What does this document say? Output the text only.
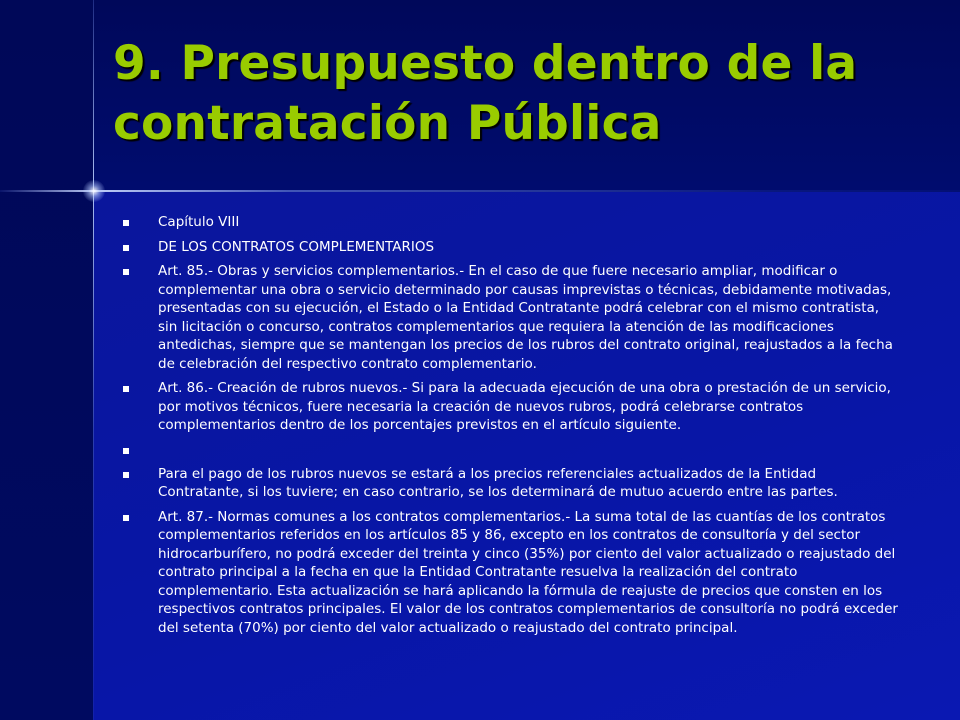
9. Presupuesto dentro de la contratación Pública
Capítulo VIII
DE LOS CONTRATOS COMPLEMENTARIOS
Art. 85.- Obras y servicios complementarios.- En el caso de que fuere necesario ampliar, modificar o complementar una obra o servicio determinado por causas imprevistas o técnicas, debidamente motivadas, presentadas con su ejecución, el Estado o la Entidad Contratante podrá celebrar con el mismo contratista, sin licitación o concurso, contratos complementarios que requiera la atención de las modificaciones antedichas, siempre que se mantengan los precios de los rubros del contrato original, reajustados a la fecha de celebración del respectivo contrato complementario.
Art. 86.- Creación de rubros nuevos.- Si para la adecuada ejecución de una obra o prestación de un servicio, por motivos técnicos, fuere necesaria la creación de nuevos rubros, podrá celebrarse contratos complementarios dentro de los porcentajes previstos en el artículo siguiente.
Para el pago de los rubros nuevos se estará a los precios referenciales actualizados de la Entidad Contratante, si los tuviere; en caso contrario, se los determinará de mutuo acuerdo entre las partes.
Art. 87.- Normas comunes a los contratos complementarios.- La suma total de las cuantías de los contratos complementarios referidos en los artículos 85 y 86, excepto en los contratos de consultoría y del sector hidrocarburífero, no podrá exceder del treinta y cinco (35%) por ciento del valor actualizado o reajustado del contrato principal a la fecha en que la Entidad Contratante resuelva la realización del contrato complementario. Esta actualización se hará aplicando la fórmula de reajuste de precios que consten en los respectivos contratos principales. El valor de los contratos complementarios de consultoría no podrá exceder del setenta (70%) por ciento del valor actualizado o reajustado del contrato principal.
